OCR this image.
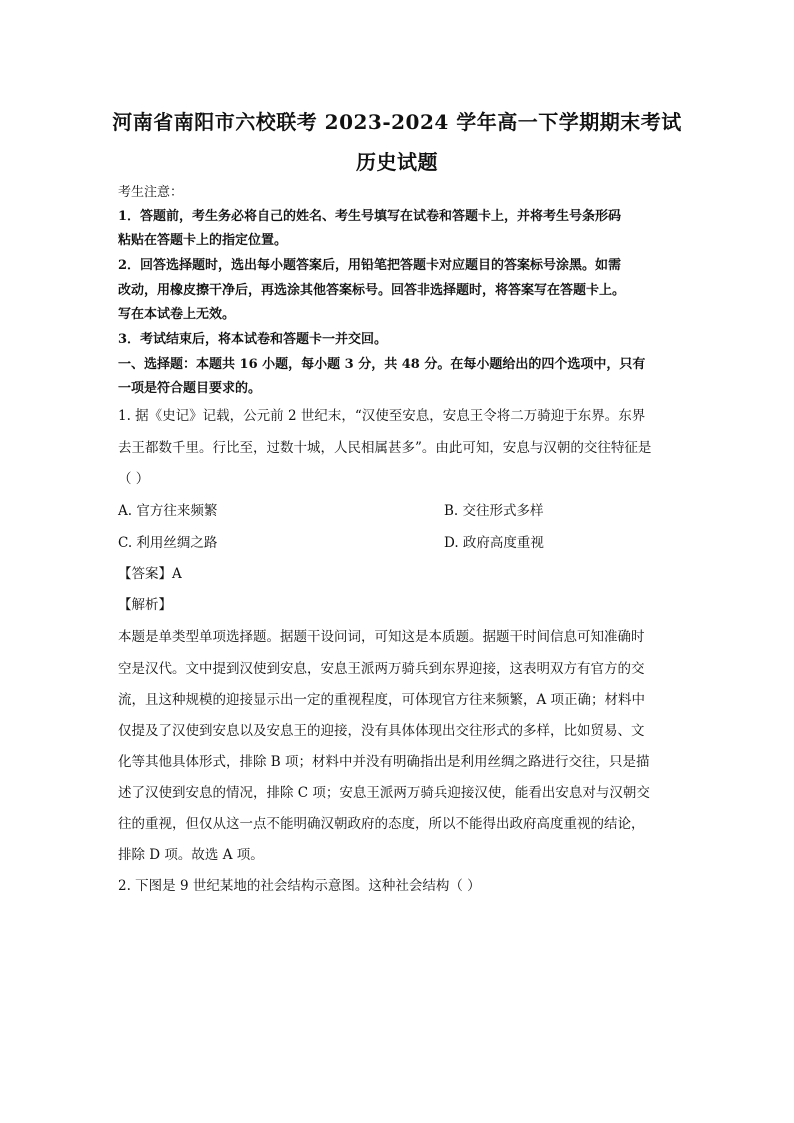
河南省南阳市六校联考 2023-2024 学年高一下学期期末考试
历史试题
考生注意：
1．答题前，考生务必将自己的姓名、考生号填写在试卷和答题卡上，并将考生号条形码
粘贴在答题卡上的指定位置。
2．回答选择题时，选出每小题答案后，用铅笔把答题卡对应题目的答案标号涂黑。如需
改动，用橡皮擦干净后，再选涂其他答案标号。回答非选择题时，将答案写在答题卡上。
写在本试卷上无效。
3．考试结束后，将本试卷和答题卡一并交回。
一、选择题：本题共 16 小题，每小题 3 分，共 48 分。在每小题给出的四个选项中，只有
一项是符合题目要求的。
1. 据《史记》记载，公元前 2 世纪末，“汉使至安息，安息王令将二万骑迎于东界。东界
去王都数千里。行比至，过数十城，人民相属甚多”。由此可知，安息与汉朝的交往特征是
（ ）
A. 官方往来频繁	B. 交往形式多样
C. 利用丝绸之路	D. 政府高度重视
【答案】A
【解析】
本题是单类型单项选择题。据题干设问词，可知这是本质题。据题干时间信息可知准确时
空是汉代。文中提到汉使到安息，安息王派两万骑兵到东界迎接，这表明双方有官方的交
流，且这种规模的迎接显示出一定的重视程度，可体现官方往来频繁，A 项正确；材料中
仅提及了汉使到安息以及安息王的迎接，没有具体体现出交往形式的多样，比如贸易、文
化等其他具体形式，排除 B 项；材料中并没有明确指出是利用丝绸之路进行交往，只是描
述了汉使到安息的情况，排除 C 项；安息王派两万骑兵迎接汉使，能看出安息对与汉朝交
往的重视，但仅从这一点不能明确汉朝政府的态度，所以不能得出政府高度重视的结论，
排除 D 项。故选 A 项。
2. 下图是 9 世纪某地的社会结构示意图。这种社会结构（ ）
